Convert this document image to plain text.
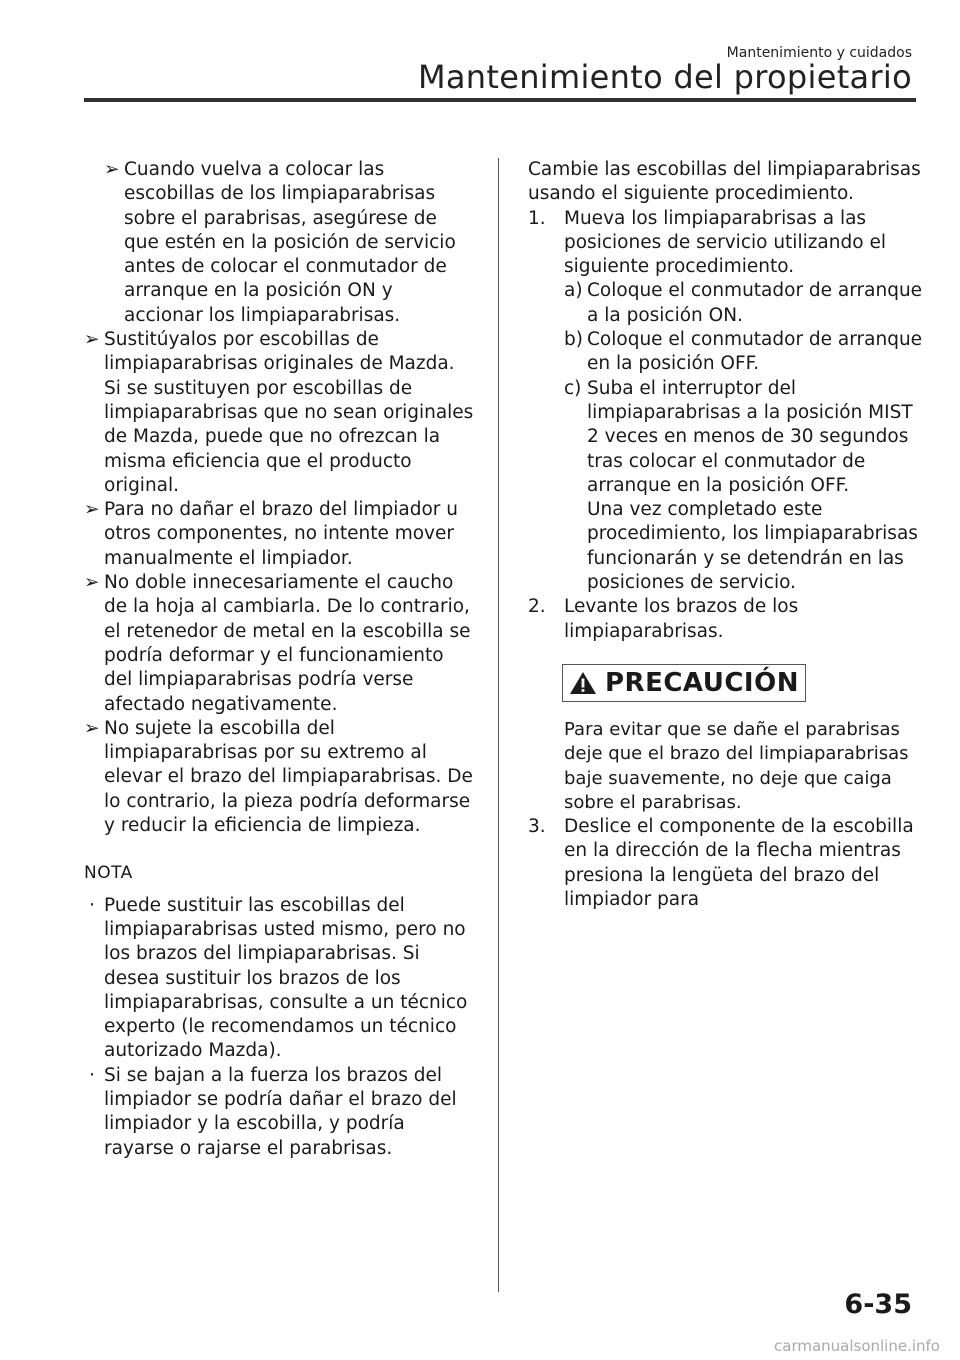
Mantenimiento y cuidados
Mantenimiento del propietario
➢ Cuando vuelva a colocar las escobillas de los limpiaparabrisas sobre el parabrisas, asegúrese de que estén en la posición de servicio antes de colocar el conmutador de arranque en la posición ON y accionar los limpiaparabrisas.
➢ Sustitúyalos por escobillas de limpiaparabrisas originales de Mazda. Si se sustituyen por escobillas de limpiaparabrisas que no sean originales de Mazda, puede que no ofrezcan la misma eficiencia que el producto original.
➢ Para no dañar el brazo del limpiador u otros componentes, no intente mover manualmente el limpiador.
➢ No doble innecesariamente el caucho de la hoja al cambiarla. De lo contrario, el retenedor de metal en la escobilla se podría deformar y el funcionamiento del limpiaparabrisas podría verse afectado negativamente.
➢ No sujete la escobilla del limpiaparabrisas por su extremo al elevar el brazo del limpiaparabrisas. De lo contrario, la pieza podría deformarse y reducir la eficiencia de limpieza.
NOTA
· Puede sustituir las escobillas del limpiaparabrisas usted mismo, pero no los brazos del limpiaparabrisas. Si desea sustituir los brazos de los limpiaparabrisas, consulte a un técnico experto (le recomendamos un técnico autorizado Mazda).
· Si se bajan a la fuerza los brazos del limpiador se podría dañar el brazo del limpiador y la escobilla, y podría rayarse o rajarse el parabrisas.
Cambie las escobillas del limpiaparabrisas usando el siguiente procedimiento.
1. Mueva los limpiaparabrisas a las posiciones de servicio utilizando el siguiente procedimiento.
a) Coloque el conmutador de arranque a la posición ON.
b) Coloque el conmutador de arranque en la posición OFF.
c) Suba el interruptor del limpiaparabrisas a la posición MIST 2 veces en menos de 30 segundos tras colocar el conmutador de arranque en la posición OFF.
Una vez completado este procedimiento, los limpiaparabrisas funcionarán y se detendrán en las posiciones de servicio.
2. Levante los brazos de los limpiaparabrisas.
PRECAUCIÓN
Para evitar que se dañe el parabrisas deje que el brazo del limpiaparabrisas baje suavemente, no deje que caiga sobre el parabrisas.
3. Deslice el componente de la escobilla en la dirección de la flecha mientras presiona la lengüeta del brazo del limpiador para
6-35
carmanualsonline.info
